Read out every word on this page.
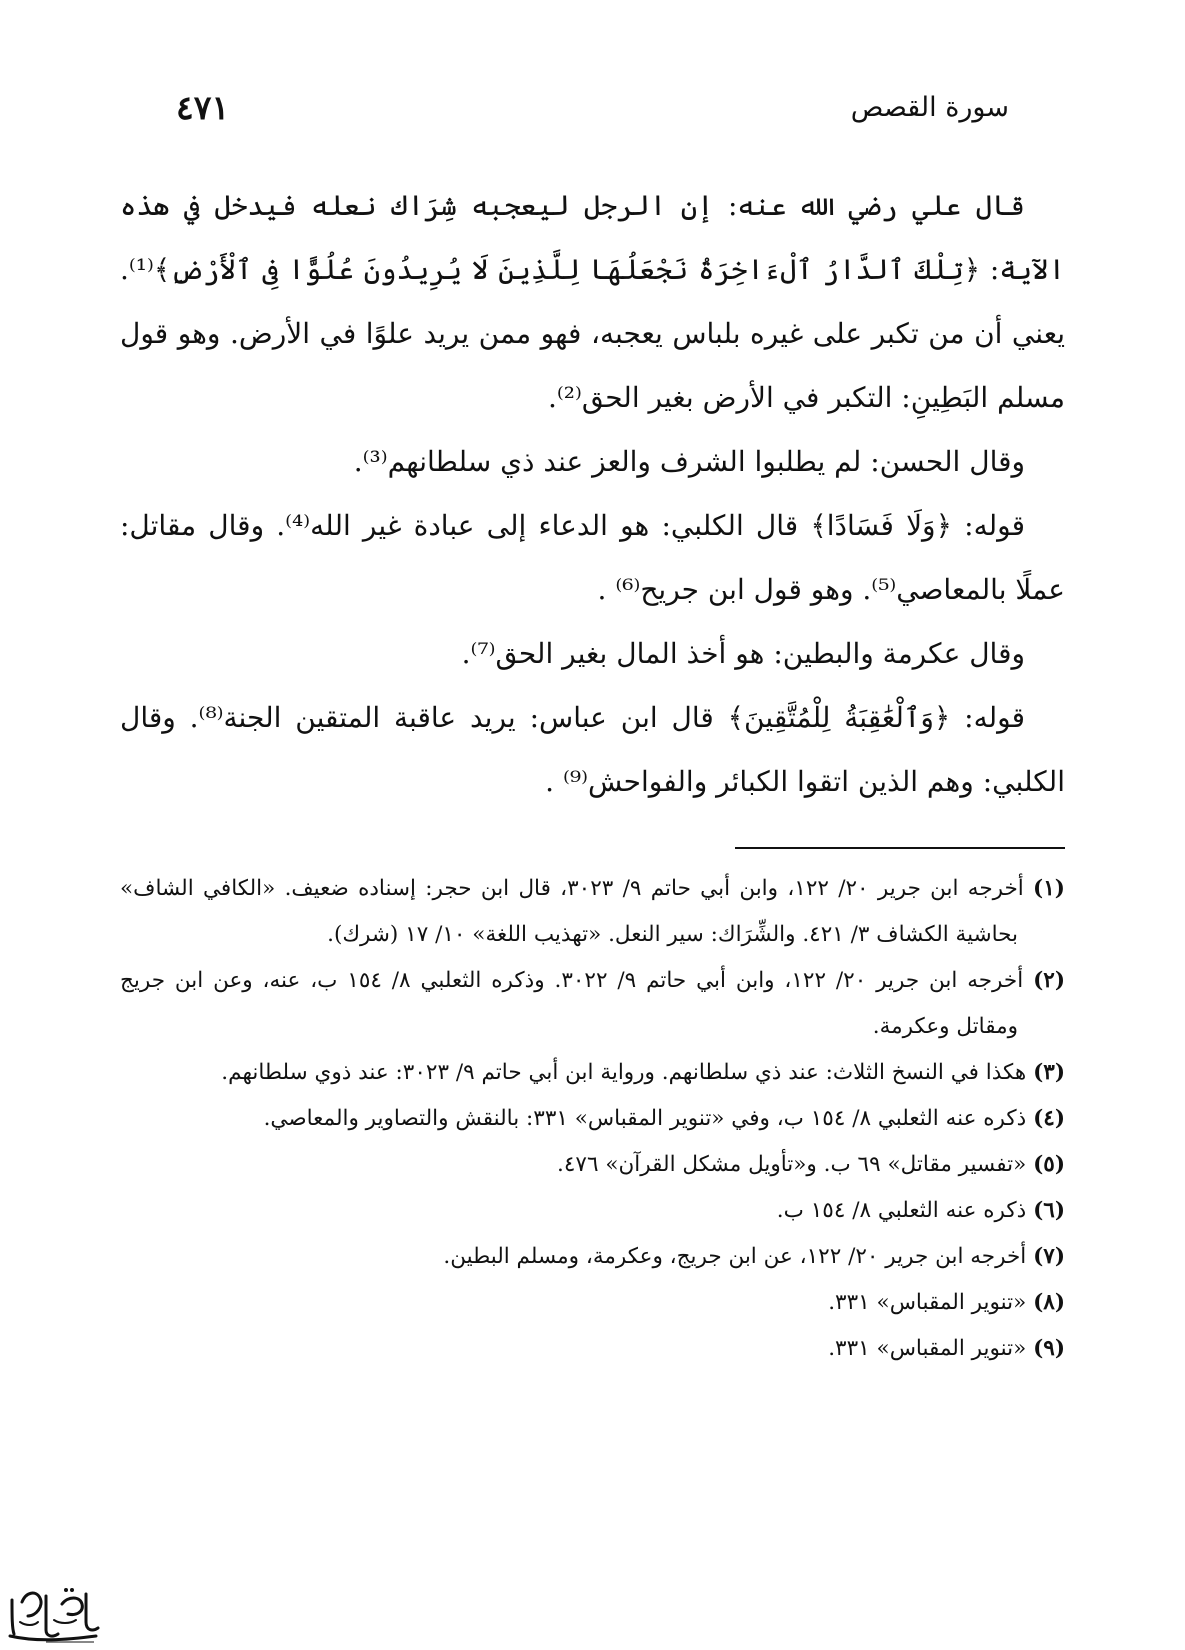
سورة القصص
٤٧١

قال علي رضي الله عنه: إن الرجل ليعجبه شِرَاك نعله فيدخل في هذه الآية: ﴿تِلْكَ ٱلدَّارُ ٱلْءَاخِرَةُ نَجْعَلُهَا لِلَّذِينَ لَا يُرِيدُونَ عُلُوًّا فِى ٱلْأَرْضِ﴾⁽¹⁾. يعني أن من تكبر على غيره بلباس يعجبه، فهو ممن يريد علوًا في الأرض. وهو قول مسلم البَطِينِ: التكبر في الأرض بغير الحق⁽²⁾.

وقال الحسن: لم يطلبوا الشرف والعز عند ذي سلطانهم⁽³⁾.

قوله: ﴿وَلَا فَسَادًا﴾ قال الكلبي: هو الدعاء إلى عبادة غير الله⁽⁴⁾. وقال مقاتل: عملًا بالمعاصي⁽⁵⁾. وهو قول ابن جريح⁽⁶⁾ .

وقال عكرمة والبطين: هو أخذ المال بغير الحق⁽⁷⁾.

قوله: ﴿وَٱلْعَٰقِبَةُ لِلْمُتَّقِينَ﴾ قال ابن عباس: يريد عاقبة المتقين الجنة⁽⁸⁾. وقال الكلبي: وهم الذين اتقوا الكبائر والفواحش⁽⁹⁾ .

(١) أخرجه ابن جرير ٢٠/ ١٢٢، وابن أبي حاتم ٩/ ٣٠٢٣، قال ابن حجر: إسناده ضعيف. «الكافي الشاف» بحاشية الكشاف ٣/ ٤٢١. والشِّرَاك: سير النعل. «تهذيب اللغة» ١٠/ ١٧ (شرك).

(٢) أخرجه ابن جرير ٢٠/ ١٢٢، وابن أبي حاتم ٩/ ٣٠٢٢. وذكره الثعلبي ٨/ ١٥٤ ب، عنه، وعن ابن جريج ومقاتل وعكرمة.

(٣) هكذا في النسخ الثلاث: عند ذي سلطانهم. ورواية ابن أبي حاتم ٩/ ٣٠٢٣: عند ذوي سلطانهم.

(٤) ذكره عنه الثعلبي ٨/ ١٥٤ ب، وفي «تنوير المقباس» ٣٣١: بالنقش والتصاوير والمعاصي.

(٥) «تفسير مقاتل» ٦٩ ب. و«تأويل مشكل القرآن» ٤٧٦.

(٦) ذكره عنه الثعلبي ٨/ ١٥٤ ب.

(٧) أخرجه ابن جرير ٢٠/ ١٢٢، عن ابن جريج، وعكرمة، ومسلم البطين.

(٨) «تنوير المقباس» ٣٣١.

(٩) «تنوير المقباس» ٣٣١.
